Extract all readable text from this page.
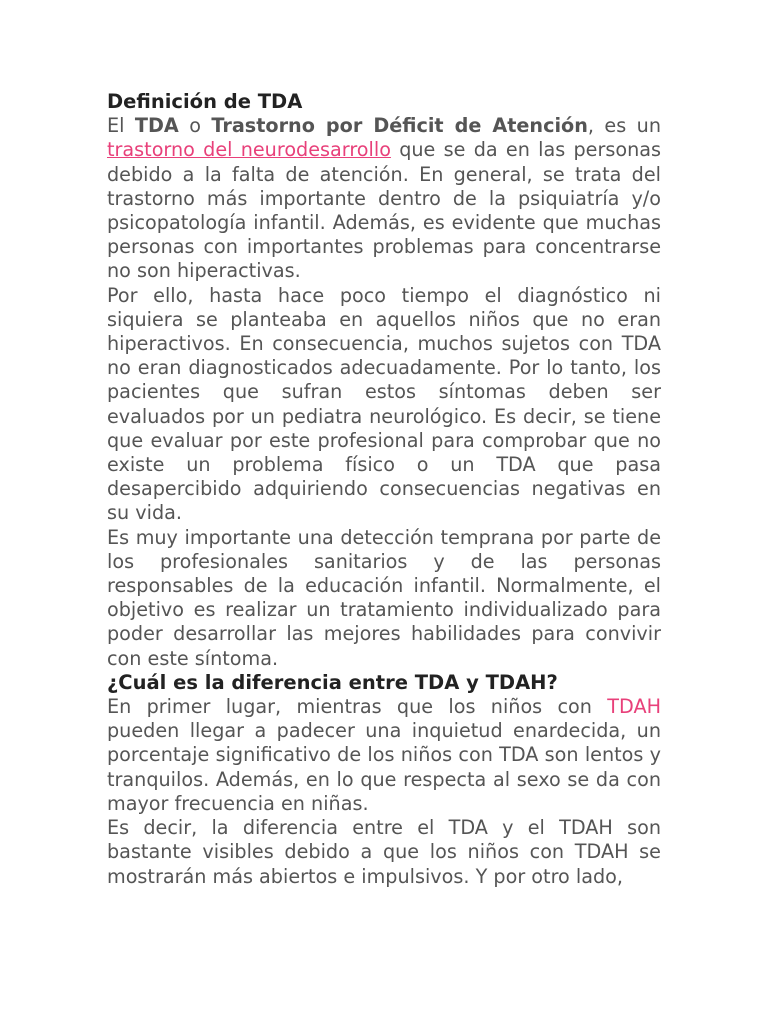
Definición de TDA

El TDA o Trastorno por Déficit de Atención, es un trastorno del neurodesarrollo que se da en las personas debido a la falta de atención. En general, se trata del trastorno más importante dentro de la psiquiatría y/o psicopatología infantil. Además, es evidente que muchas personas con importantes problemas para concentrarse no son hiperactivas.

Por ello, hasta hace poco tiempo el diagnóstico ni siquiera se planteaba en aquellos niños que no eran hiperactivos. En consecuencia, muchos sujetos con TDA no eran diagnosticados adecuadamente. Por lo tanto, los pacientes que sufran estos síntomas deben ser evaluados por un pediatra neurológico. Es decir, se tiene que evaluar por este profesional para comprobar que no existe un problema físico o un TDA que pasa desapercibido adquiriendo consecuencias negativas en su vida.

Es muy importante una detección temprana por parte de los profesionales sanitarios y de las personas responsables de la educación infantil. Normalmente, el objetivo es realizar un tratamiento individualizado para poder desarrollar las mejores habilidades para convivir con este síntoma.

¿Cuál es la diferencia entre TDA y TDAH?

En primer lugar, mientras que los niños con TDAH pueden llegar a padecer una inquietud enardecida, un porcentaje significativo de los niños con TDA son lentos y tranquilos. Además, en lo que respecta al sexo se da con mayor frecuencia en niñas.

Es decir, la diferencia entre el TDA y el TDAH son bastante visibles debido a que los niños con TDAH se mostrarán más abiertos e impulsivos. Y por otro lado,
